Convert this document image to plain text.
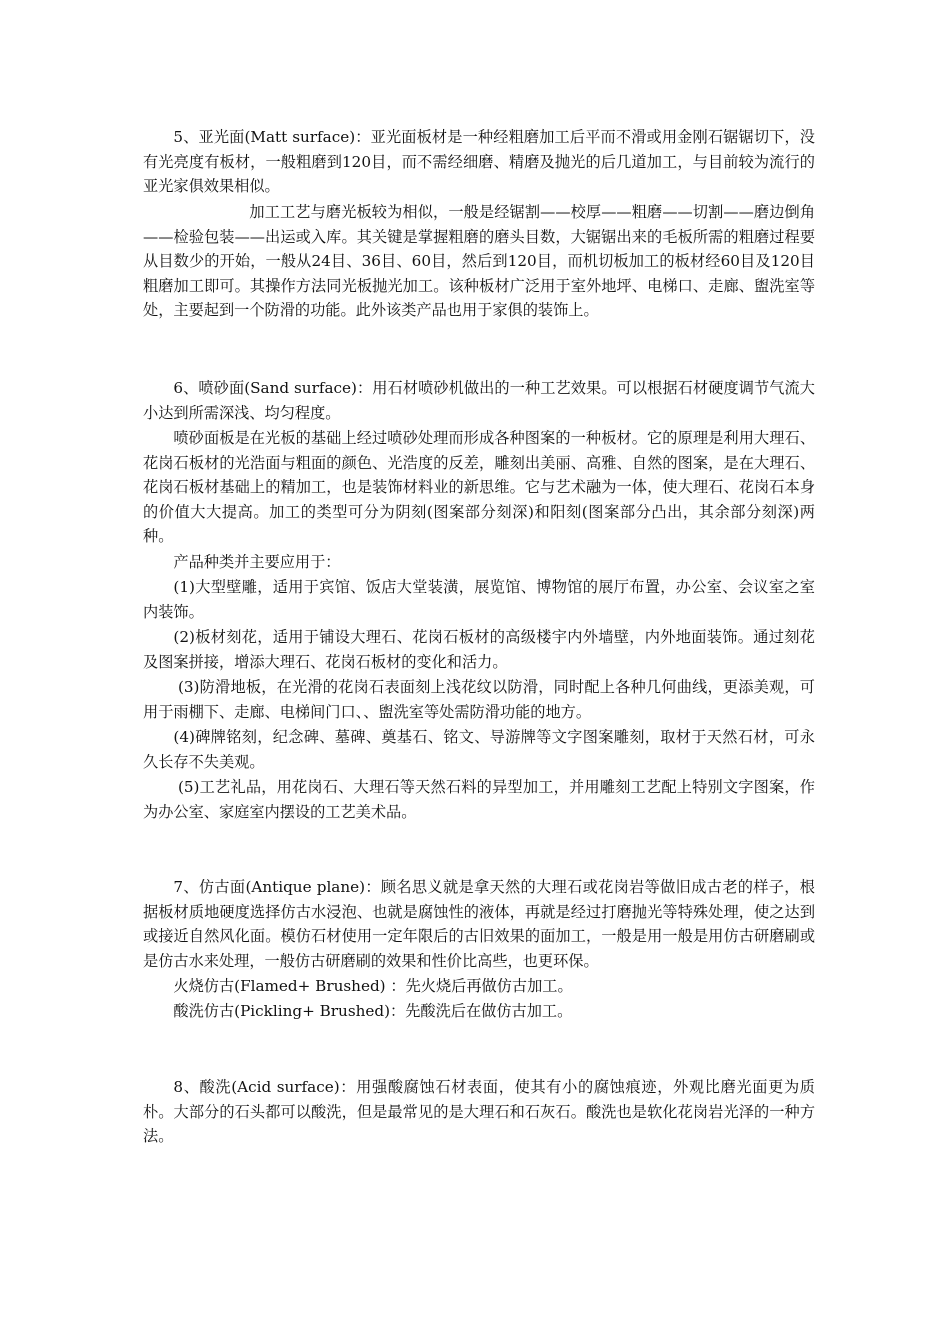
5、亚光面(Matt surface)：亚光面板材是一种经粗磨加工后平而不滑或用金刚石锯锯切下，没有光亮度有板材，一般粗磨到120目，而不需经细磨、精磨及抛光的后几道加工，与目前较为流行的亚光家俱效果相似。

加工工艺与磨光板较为相似，一般是经锯割——校厚——粗磨——切割——磨边倒角——检验包装——出运或入库。其关键是掌握粗磨的磨头目数，大锯锯出来的毛板所需的粗磨过程要从目数少的开始，一般从24目、36目、60目，然后到120目，而机切板加工的板材经60目及120目粗磨加工即可。其操作方法同光板抛光加工。该种板材广泛用于室外地坪、电梯口、走廊、盥洗室等处，主要起到一个防滑的功能。此外该类产品也用于家俱的装饰上。

6、喷砂面(Sand surface)：用石材喷砂机做出的一种工艺效果。可以根据石材硬度调节气流大小达到所需深浅、均匀程度。

喷砂面板是在光板的基础上经过喷砂处理而形成各种图案的一种板材。它的原理是利用大理石、花岗石板材的光浩面与粗面的颜色、光浩度的反差，雕刻出美丽、高雅、自然的图案，是在大理石、花岗石板材基础上的精加工，也是装饰材料业的新思维。它与艺术融为一体，使大理石、花岗石本身的价值大大提高。加工的类型可分为阴刻(图案部分刻深)和阳刻(图案部分凸出，其余部分刻深)两种。

产品种类并主要应用于：

(1)大型壁雕，适用于宾馆、饭店大堂装潢，展览馆、博物馆的展厅布置，办公室、会议室之室内装饰。

(2)板材刻花，适用于铺设大理石、花岗石板材的高级楼宇内外墙壁，内外地面装饰。通过刻花及图案拼接，增添大理石、花岗石板材的变化和活力。

(3)防滑地板，在光滑的花岗石表面刻上浅花纹以防滑，同时配上各种几何曲线，更添美观，可用于雨棚下、走廊、电梯间门口、、盥洗室等处需防滑功能的地方。

(4)碑牌铭刻，纪念碑、墓碑、奠基石、铭文、导游牌等文字图案雕刻，取材于天然石材，可永久长存不失美观。

(5)工艺礼品，用花岗石、大理石等天然石料的异型加工，并用雕刻工艺配上特别文字图案，作为办公室、家庭室内摆设的工艺美术品。

7、仿古面(Antique plane)：顾名思义就是拿天然的大理石或花岗岩等做旧成古老的样子，根据板材质地硬度选择仿古水浸泡、也就是腐蚀性的液体，再就是经过打磨抛光等特殊处理，使之达到或接近自然风化面。模仿石材使用一定年限后的古旧效果的面加工，一般是用一般是用仿古研磨刷或是仿古水来处理，一般仿古研磨刷的效果和性价比高些，也更环保。

火烧仿古(Flamed+ Brushed) ：先火烧后再做仿古加工。

酸洗仿古(Pickling+ Brushed)：先酸洗后在做仿古加工。

8、酸洗(Acid surface)：用强酸腐蚀石材表面，使其有小的腐蚀痕迹，外观比磨光面更为质朴。大部分的石头都可以酸洗，但是最常见的是大理石和石灰石。酸洗也是软化花岗岩光泽的一种方法。
